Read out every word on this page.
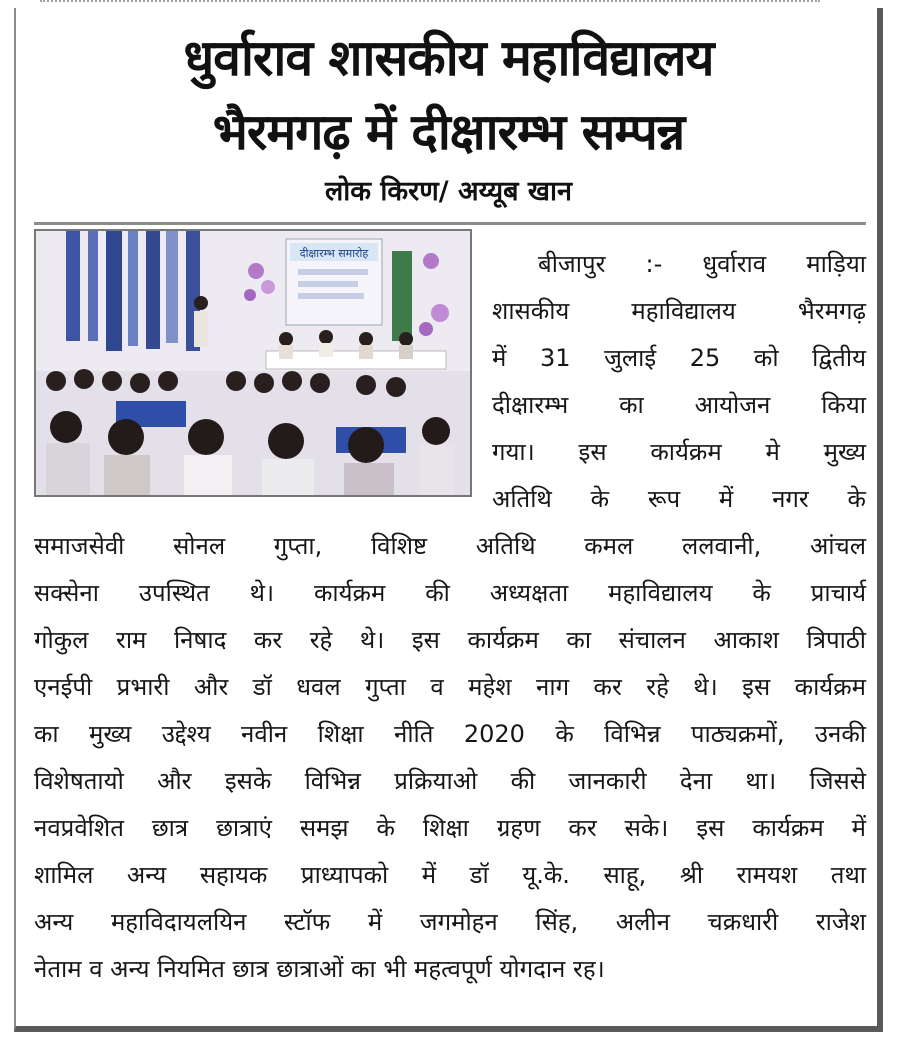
धुर्वाराव शासकीय महाविद्यालय
भैरमगढ़ में दीक्षारम्भ सम्पन्न
लोक किरण/ अय्यूब खान
दीक्षारम्भ समारोह	बीजापुर :- धुर्वाराव माड़िया
शासकीय महाविद्यालय भैरमगढ़
में 31 जुलाई 25 को द्वितीय
दीक्षारम्भ का आयोजन किया
गया। इस कार्यक्रम मे मुख्य
अतिथि के रूप में नगर के
समाजसेवी सोनल गुप्ता, विशिष्ट अतिथि कमल ललवानी, आंचल
सक्सेना उपस्थित थे। कार्यक्रम की अध्यक्षता महाविद्यालय के प्राचार्य
गोकुल राम निषाद कर रहे थे। इस कार्यक्रम का संचालन आकाश त्रिपाठी
एनईपी प्रभारी और डॉ धवल गुप्ता व महेश नाग कर रहे थे। इस कार्यक्रम
का मुख्य उद्देश्य नवीन शिक्षा नीति 2020 के विभिन्न पाठ्यक्रमों, उनकी
विशेषतायो और इसके विभिन्न प्रक्रियाओ की जानकारी देना था। जिससे
नवप्रवेशित छात्र छात्राएं समझ के शिक्षा ग्रहण कर सके। इस कार्यक्रम में
शामिल अन्य सहायक प्राध्यापको में डॉ यू.के. साहू, श्री रामयश तथा
अन्य महाविदायलयिन स्टॉफ में जगमोहन सिंह, अलीन चक्रधारी राजेश
नेताम व अन्य नियमित छात्र छात्राओं का भी महत्वपूर्ण योगदान रह।
